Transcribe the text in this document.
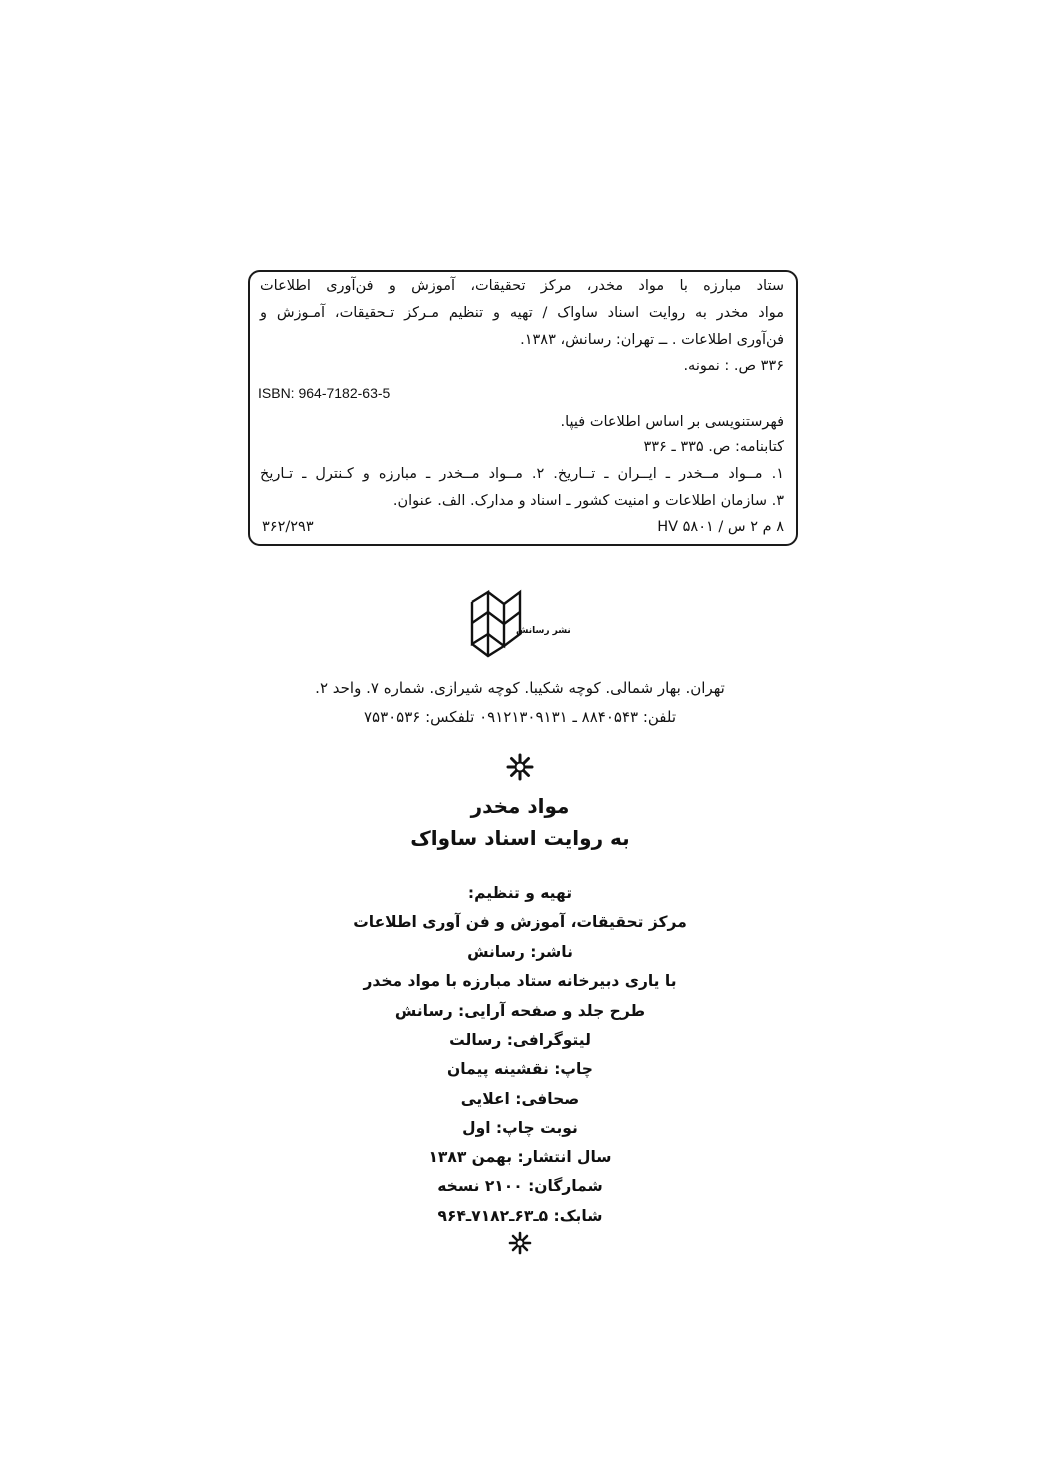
ستاد مبارزه با مواد مخدر، مرکز تحقیقات، آموزش و فن‌آوری اطلاعات
مواد مخدر به روایت اسناد ساواک / تهیه و تنظیم مـرکز تـحقیقات، آمـوزش و
فن‌آوری اطلاعات . ــ تهران: رسانش، ۱۳۸۳.
۳۳۶ ص. : نمونه.
ISBN: 964-7182-63-5
فهرستنویسی بر اساس اطلاعات فیپا.
کتابنامه: ص. ۳۳۵ ـ ۳۳۶
۱. مــواد مــخدر ـ ایــران ـ تــاریخ. ۲. مــواد مــخدر ـ مبارزه و کـنترل ـ تـاریخ
۳. سازمان اطلاعات و امنیت کشور ـ اسناد و مدارک. الف. عنوان.
۸ م ۲ س / HV ۵۸۰۱
۳۶۲/۲۹۳
نشر رسانش
تهران. بهار شمالی. کوچه شکیبا. کوچه شیرازی. شماره ۷. واحد ۲.
تلفن: ۸۸۴۰۵۴۳ ـ ۰۹۱۲۱۳۰۹۱۳۱ تلفکس: ۷۵۳۰۵۳۶
مواد مخدر
به روایت اسناد ساواک
تهیه و تنظیم:
مرکز تحقیقات، آموزش و فن آوری اطلاعات
ناشر: رسانش
با یاری دبیرخانه ستاد مبارزه با مواد مخدر
طرح جلد و صفحه آرایی: رسانش
لیتوگرافی: رسالت
چاپ: نقشینه پیمان
صحافی: اعلایی
نوبت چاپ: اول
سال انتشار: بهمن ۱۳۸۳
شمارگان: ۲۱۰۰ نسخه
شابک: ۵ـ۶۳ـ۷۱۸۲ـ۹۶۴
